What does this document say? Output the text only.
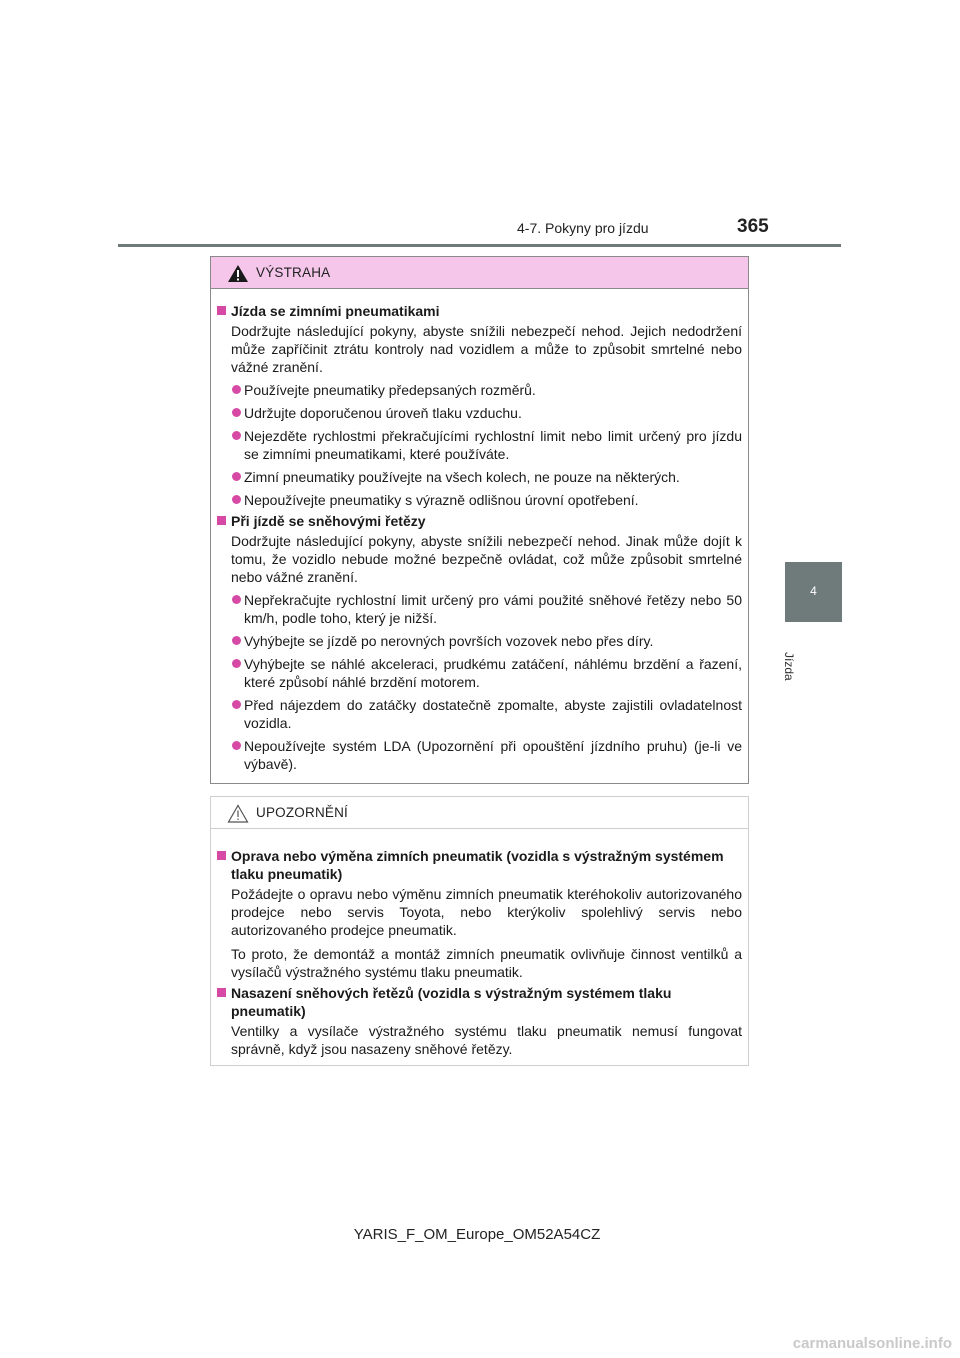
4-7. Pokyny pro jízdu	365
4
Jízda
VÝSTRAHA
Jízda se zimními pneumatikami
Dodržujte následující pokyny, abyste snížili nebezpečí nehod. Jejich nedodržení může zapříčinit ztrátu kontroly nad vozidlem a může to způsobit smrtelné nebo vážné zranění.
Používejte pneumatiky předepsaných rozměrů.
Udržujte doporučenou úroveň tlaku vzduchu.
Nejezděte rychlostmi překračujícími rychlostní limit nebo limit určený pro jízdu se zimními pneumatikami, které používáte.
Zimní pneumatiky používejte na všech kolech, ne pouze na některých.
Nepoužívejte pneumatiky s výrazně odlišnou úrovní opotřebení.
Při jízdě se sněhovými řetězy
Dodržujte následující pokyny, abyste snížili nebezpečí nehod. Jinak může dojít k tomu, že vozidlo nebude možné bezpečně ovládat, což může způsobit smrtelné nebo vážné zranění.
Nepřekračujte rychlostní limit určený pro vámi použité sněhové řetězy nebo 50 km/h, podle toho, který je nižší.
Vyhýbejte se jízdě po nerovných površích vozovek nebo přes díry.
Vyhýbejte se náhlé akceleraci, prudkému zatáčení, náhlému brzdění a řazení, které způsobí náhlé brzdění motorem.
Před nájezdem do zatáčky dostatečně zpomalte, abyste zajistili ovladatelnost vozidla.
Nepoužívejte systém LDA (Upozornění při opouštění jízdního pruhu) (je-li ve výbavě).
UPOZORNĚNÍ
Oprava nebo výměna zimních pneumatik (vozidla s výstražným systémem tlaku pneumatik)
Požádejte o opravu nebo výměnu zimních pneumatik kteréhokoliv autorizovaného prodejce nebo servis Toyota, nebo kterýkoliv spolehlivý servis nebo autorizovaného prodejce pneumatik.
To proto, že demontáž a montáž zimních pneumatik ovlivňuje činnost ventilků a vysílačů výstražného systému tlaku pneumatik.
Nasazení sněhových řetězů (vozidla s výstražným systémem tlaku pneumatik)
Ventilky a vysílače výstražného systému tlaku pneumatik nemusí fungovat správně, když jsou nasazeny sněhové řetězy.
YARIS_F_OM_Europe_OM52A54CZ
carmanualsonline.info
